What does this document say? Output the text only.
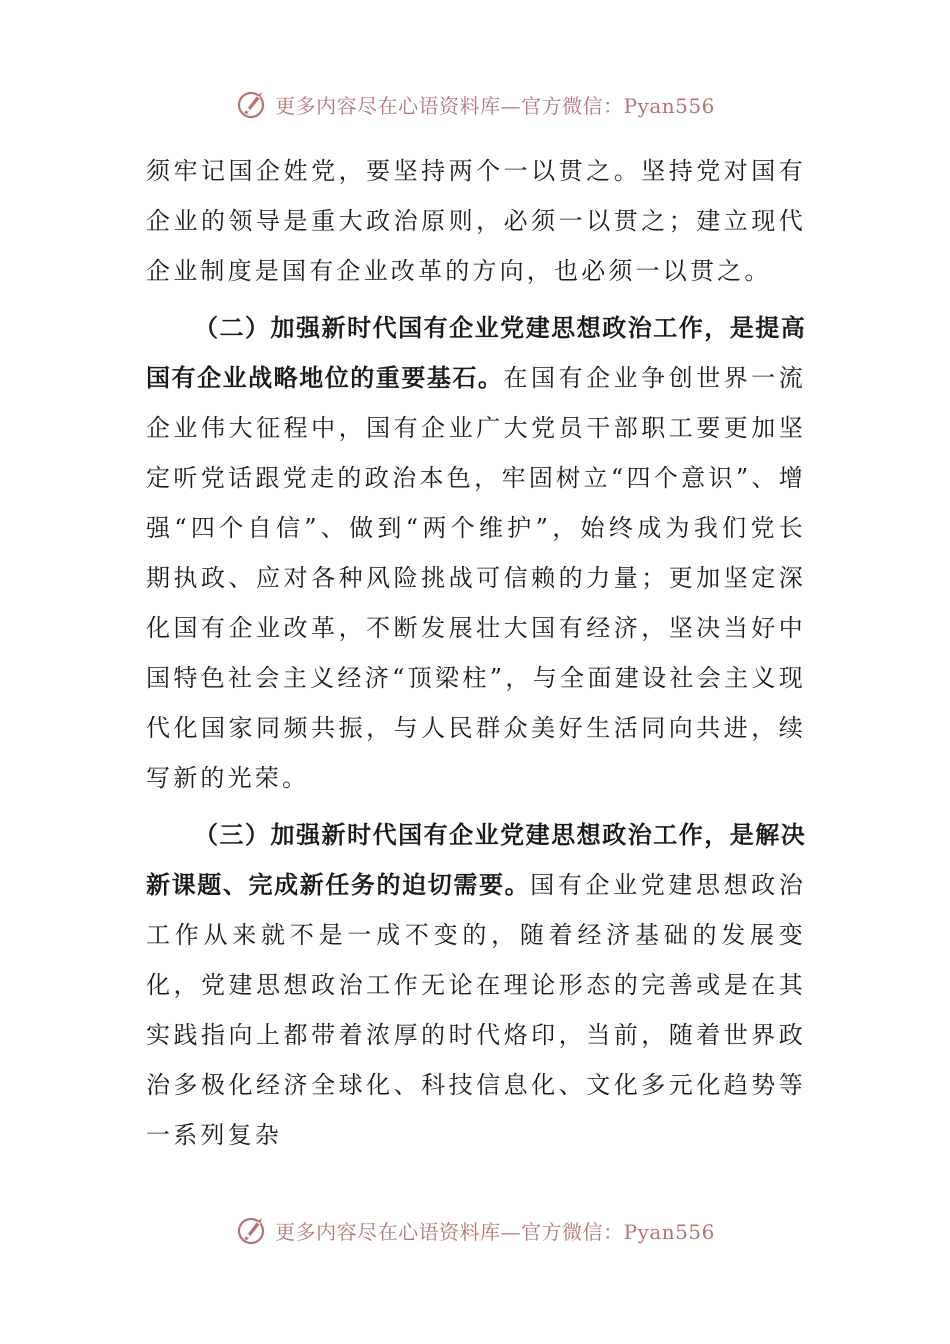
更多内容尽在心语资料库—官方微信：Pyan556

须牢记国企姓党，要坚持两个一以贯之。坚持党对国有企业的领导是重大政治原则，必须一以贯之；建立现代企业制度是国有企业改革的方向，也必须一以贯之。

（二）加强新时代国有企业党建思想政治工作，是提高国有企业战略地位的重要基石。在国有企业争创世界一流企业伟大征程中，国有企业广大党员干部职工要更加坚定听党话跟党走的政治本色，牢固树立“四个意识”、增强“四个自信”、做到“两个维护”，始终成为我们党长期执政、应对各种风险挑战可信赖的力量；更加坚定深化国有企业改革，不断发展壮大国有经济，坚决当好中国特色社会主义经济“顶梁柱”，与全面建设社会主义现代化国家同频共振，与人民群众美好生活同向共进，续写新的光荣。

（三）加强新时代国有企业党建思想政治工作，是解决新课题、完成新任务的迫切需要。国有企业党建思想政治工作从来就不是一成不变的，随着经济基础的发展变化，党建思想政治工作无论在理论形态的完善或是在其实践指向上都带着浓厚的时代烙印，当前，随着世界政治多极化经济全球化、科技信息化、文化多元化趋势等一系列复杂

更多内容尽在心语资料库—官方微信：Pyan556
